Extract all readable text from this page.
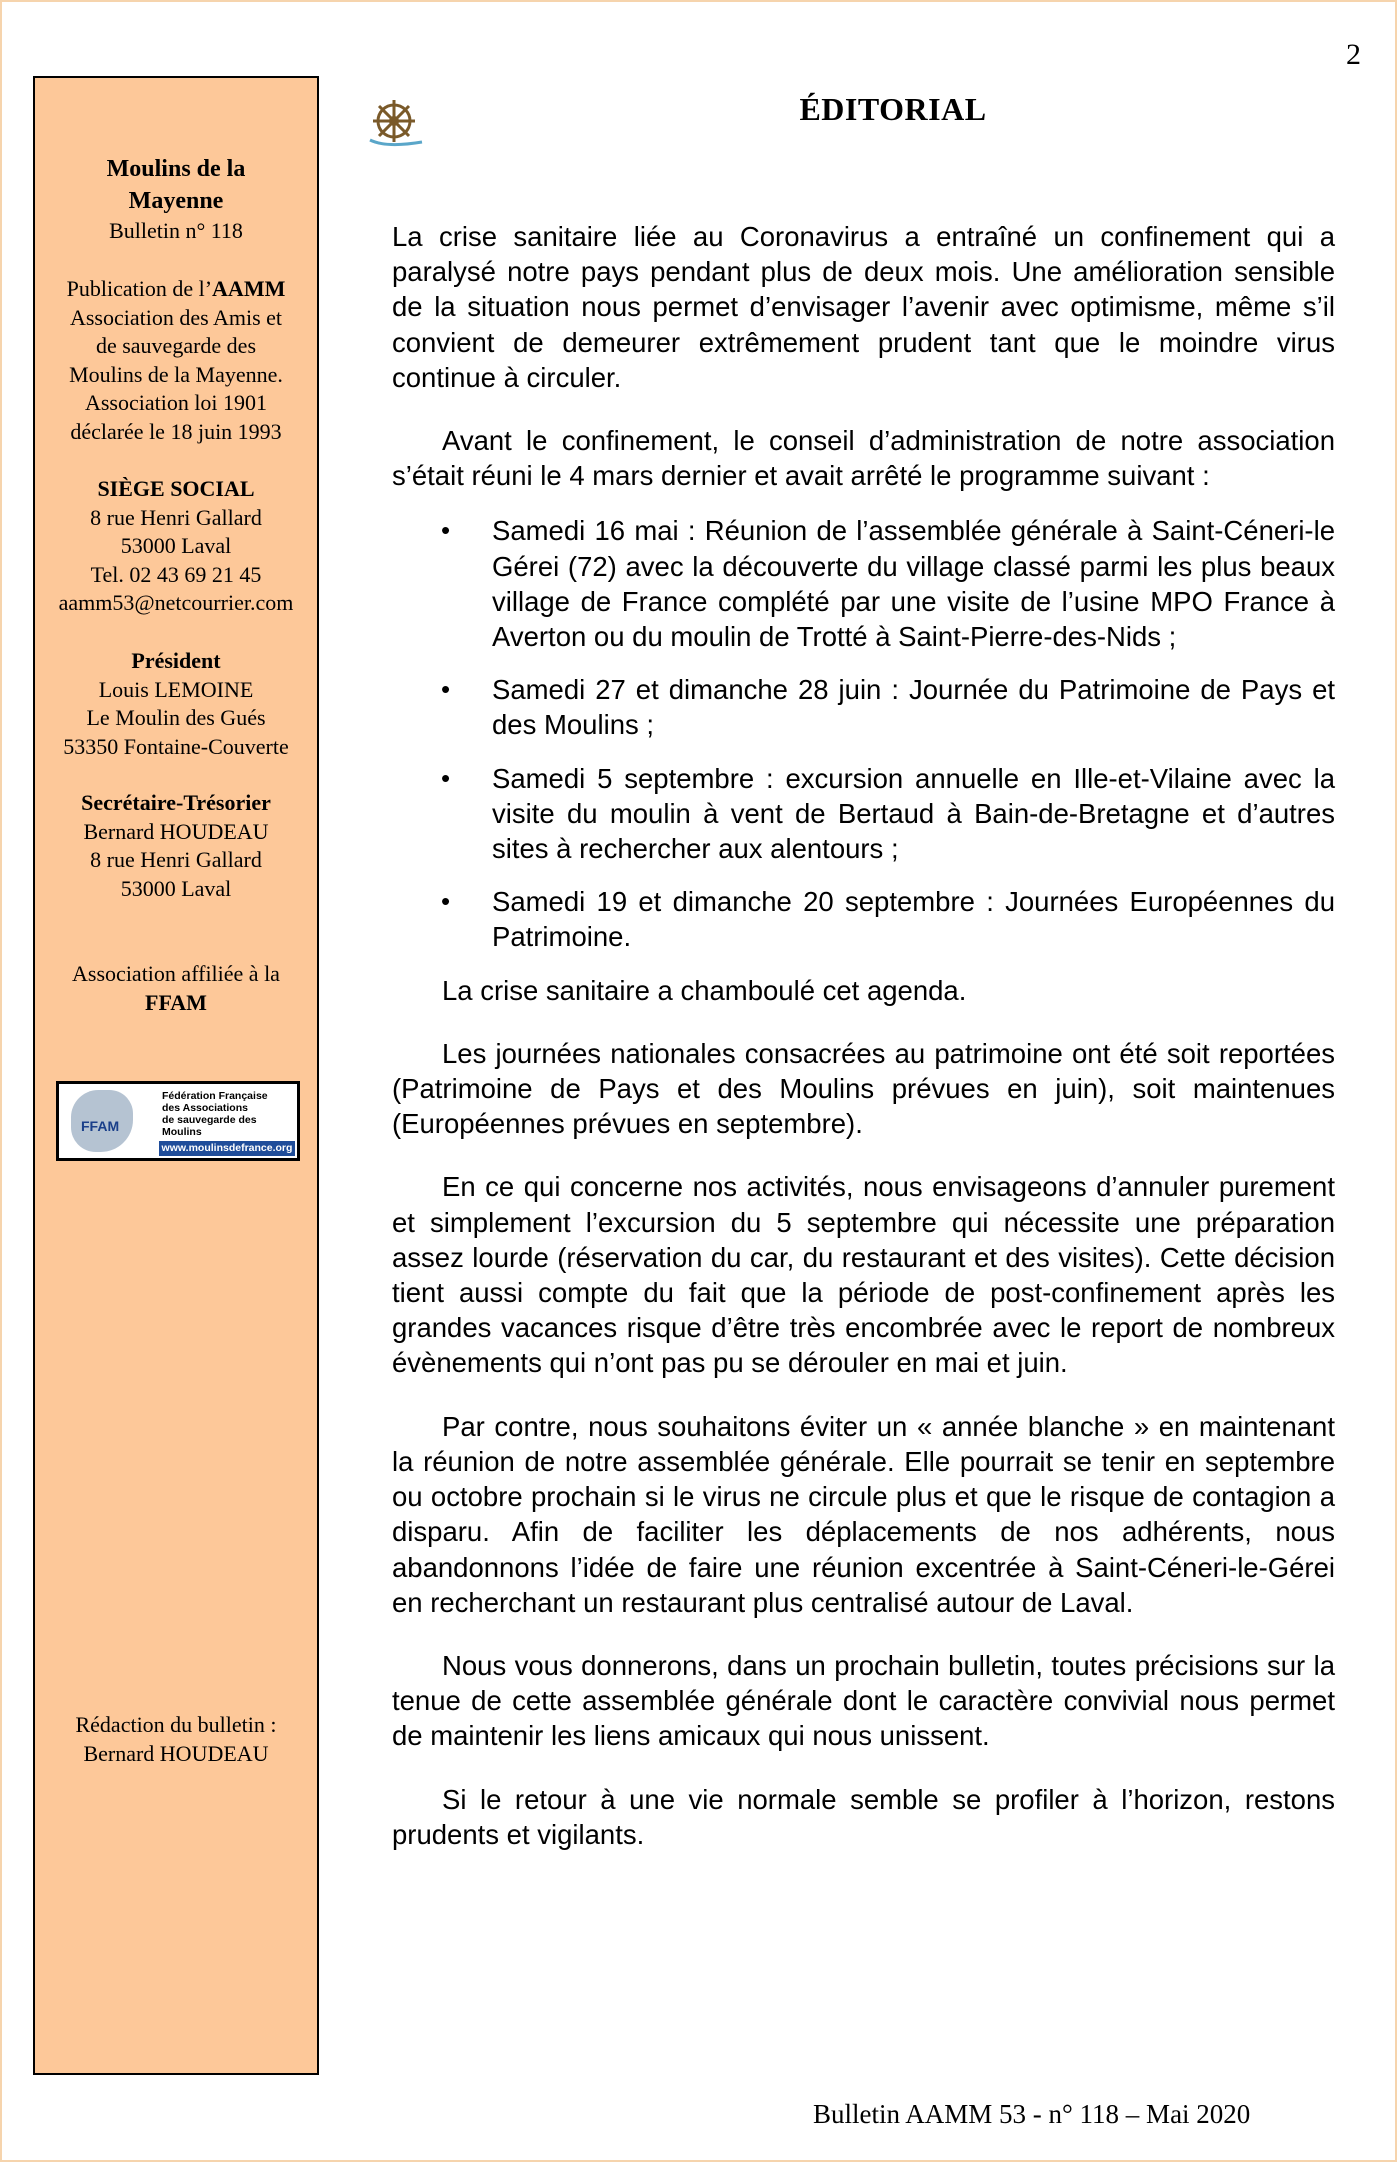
2
Moulins de la Mayenne
Bulletin n° 118
Publication de l’AAMM
Association des Amis et
de sauvegarde des
Moulins de la Mayenne.
Association loi 1901
déclarée le 18 juin 1993
SIÈGE SOCIAL
8 rue Henri Gallard
53000 Laval
Tel. 02 43 69 21 45
aamm53@netcourrier.com
Président
Louis LEMOINE
Le Moulin des Gués
53350 Fontaine-Couverte
Secrétaire-Trésorier
Bernard HOUDEAU
8 rue Henri Gallard
53000 Laval
Association affiliée à la
FFAM
FFAM
Fédération Française
des Associations
de sauvegarde des Moulins
www.moulinsdefrance.org
Rédaction du bulletin :
Bernard HOUDEAU
ÉDITORIAL

La crise sanitaire liée au Coronavirus a entraîné un confinement qui a paralysé notre pays pendant plus de deux mois. Une amélioration sensible de la situation nous permet d’envisager l’avenir avec optimisme, même s’il convient de demeurer extrêmement prudent tant que le moindre virus continue à circuler.

Avant le confinement, le conseil d’administration de notre association s’était réuni le 4 mars dernier et avait arrêté le programme suivant :

• Samedi 16 mai : Réunion de l’assemblée générale à Saint-Céneri-le Gérei (72) avec la découverte du village classé parmi les plus beaux village de France complété par une visite de l’usine MPO France à Averton ou du moulin de Trotté à Saint-Pierre-des-Nids ;
• Samedi 27 et dimanche 28 juin : Journée du Patrimoine de Pays et des Moulins ;
• Samedi 5 septembre : excursion annuelle en Ille-et-Vilaine avec la visite du moulin à vent de Bertaud à Bain-de-Bretagne et d’autres sites à rechercher aux alentours ;
• Samedi 19 et dimanche 20 septembre : Journées Européennes du Patrimoine.

La crise sanitaire a chamboulé cet agenda.

Les journées nationales consacrées au patrimoine ont été soit reportées (Patrimoine de Pays et des Moulins prévues en juin), soit maintenues (Européennes prévues en septembre).

En ce qui concerne nos activités, nous envisageons d’annuler purement et simplement l’excursion du 5 septembre qui nécessite une préparation assez lourde (réservation du car, du restaurant et des visites). Cette décision tient aussi compte du fait que la période de post-confinement après les grandes vacances risque d’être très encombrée avec le report de nombreux évènements qui n’ont pas pu se dérouler en mai et juin.

Par contre, nous souhaitons éviter un « année blanche » en maintenant la réunion de notre assemblée générale. Elle pourrait se tenir en septembre ou octobre prochain si le virus ne circule plus et que le risque de contagion a disparu. Afin de faciliter les déplacements de nos adhérents, nous abandonnons l’idée de faire une réunion excentrée à Saint-Céneri-le-Gérei en recherchant un restaurant plus centralisé autour de Laval.

Nous vous donnerons, dans un prochain bulletin, toutes précisions sur la tenue de cette assemblée générale dont le caractère convivial nous permet de maintenir les liens amicaux qui nous unissent.

Si le retour à une vie normale semble se profiler à l’horizon, restons prudents et vigilants.

Bulletin AAMM 53 - n° 118 – Mai 2020
